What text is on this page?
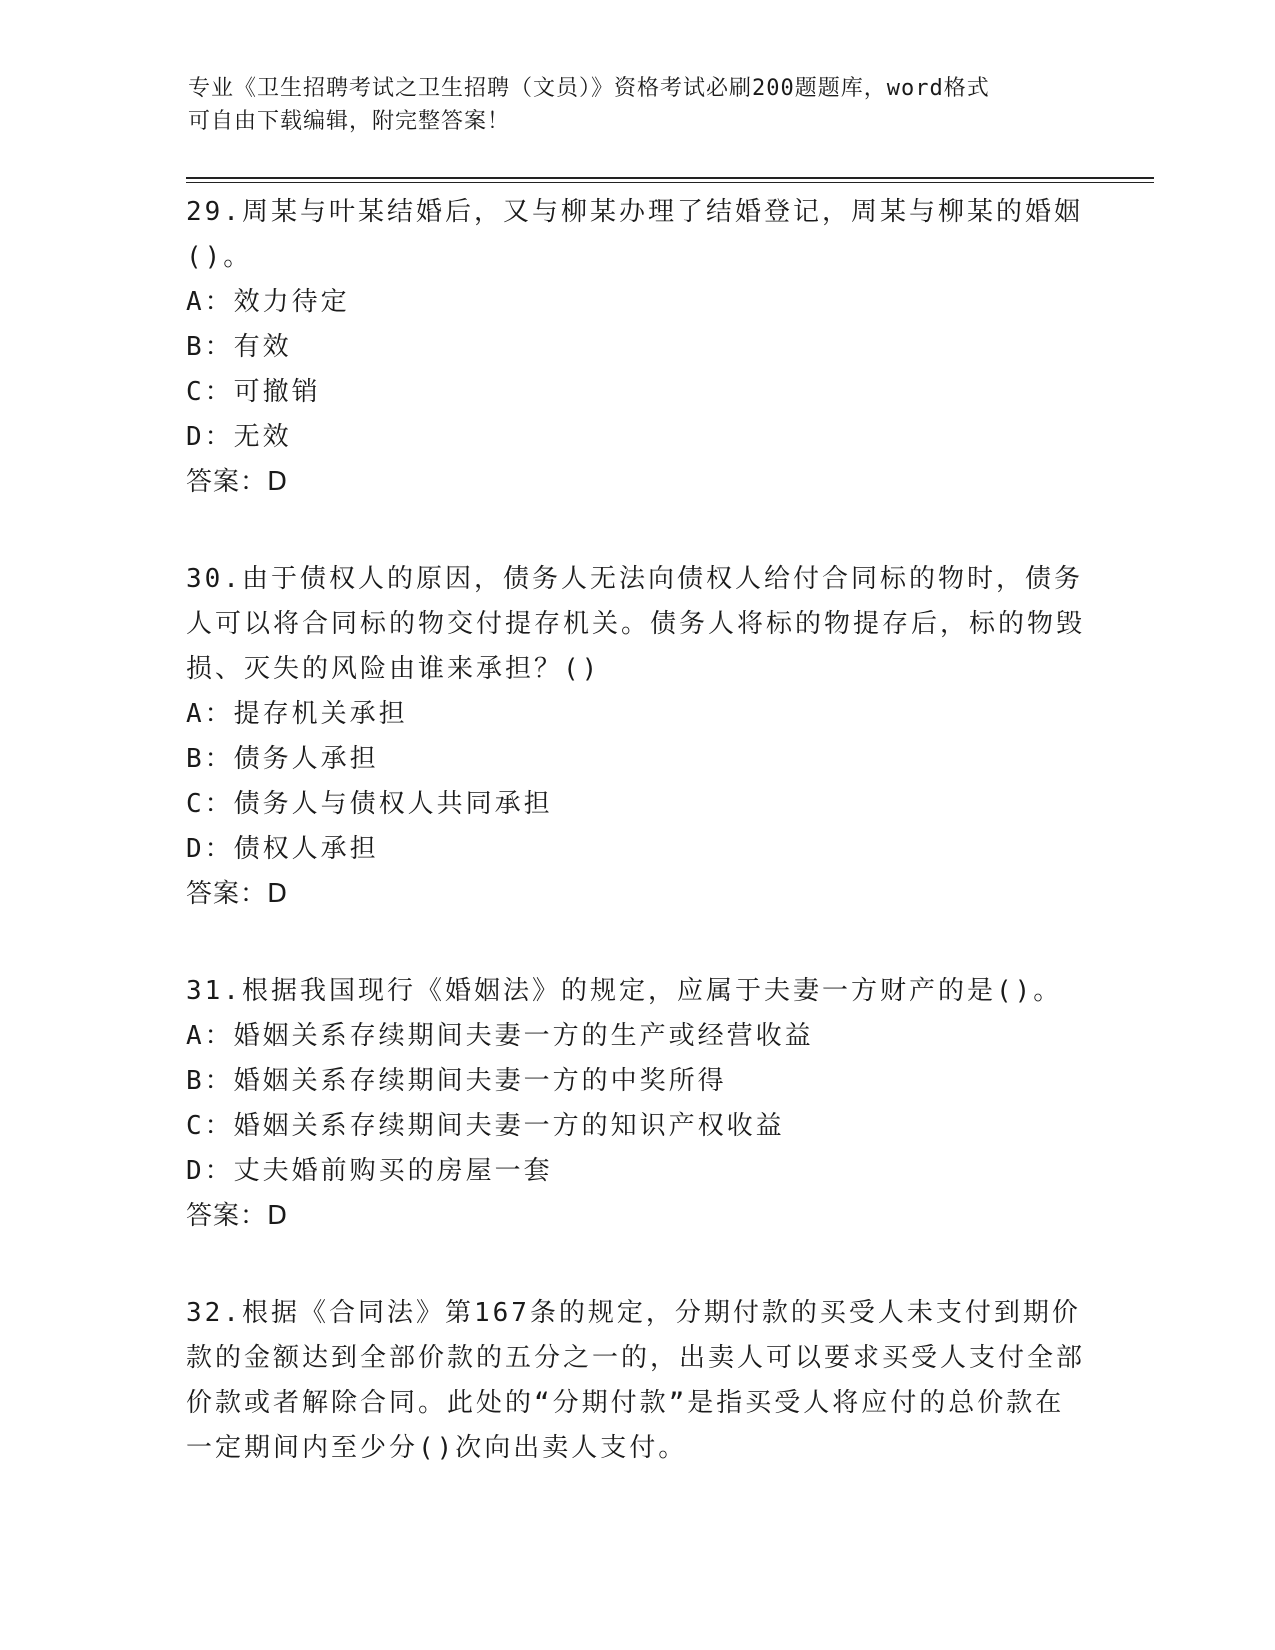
专业《卫生招聘考试之卫生招聘（文员）》资格考试必刷200题题库，word格式
可自由下载编辑，附完整答案！

29.周某与叶某结婚后，又与柳某办理了结婚登记，周某与柳某的婚姻()。

A：效力待定

B：有效

C：可撤销

D：无效

答案：D

30.由于债权人的原因，债务人无法向债权人给付合同标的物时，债务人可以将合同标的物交付提存机关。债务人将标的物提存后，标的物毁损、灭失的风险由谁来承担？()

A：提存机关承担

B：债务人承担

C：债务人与债权人共同承担

D：债权人承担

答案：D

31.根据我国现行《婚姻法》的规定，应属于夫妻一方财产的是()。

A：婚姻关系存续期间夫妻一方的生产或经营收益

B：婚姻关系存续期间夫妻一方的中奖所得

C：婚姻关系存续期间夫妻一方的知识产权收益

D：丈夫婚前购买的房屋一套

答案：D

32.根据《合同法》第167条的规定，分期付款的买受人未支付到期价款的金额达到全部价款的五分之一的，出卖人可以要求买受人支付全部价款或者解除合同。此处的“分期付款”是指买受人将应付的总价款在一定期间内至少分()次向出卖人支付。
